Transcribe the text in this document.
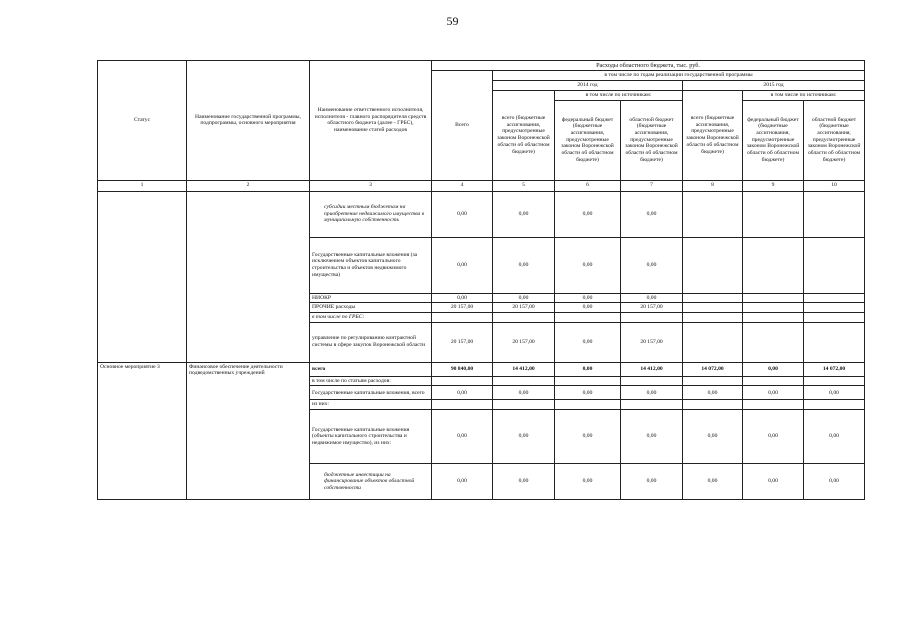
59
Статус	Наименование государственной программы, подпрограммы, основного мероприятия	Наименование ответственного исполнителя, исполнителя - главного распорядителя средств областного бюджета (далее - ГРБС), наименование статей расходов	Расходы областного бюджета, тыс. руб.						
			Всего	в том числе по годам реализации государственной программы					
				2014 год			2015 год		
				всего (бюджетные ассигнования, предусмотренные законом Воронежской области об областном бюджете)	в том числе по источникам:		всего (бюджетные ассигнования, предусмотренные законом Воронежской области об областном бюджете)	в том числе по источникам:	
					федеральный бюджет (бюджетные ассигнования, предусмотренные законом Воронежской области об областном бюджете)	областной бюджет (бюджетные ассигнования, предусмотренные законом Воронежской области об областном бюджете)		федеральный бюджет (бюджетные ассигнования, предусмотренные законом Воронежской области об областном бюджете)	областной бюджет (бюджетные ассигнования, предусмотренные законом Воронежской области об областном бюджете)
1	2	3	4	5	6	7	8	9	10
		субсидии местным бюджетам на приобретение недвижимого имущества в муниципальную собственность	0,00	0,00	0,00	0,00			
		Государственные капитальные вложения (за исключением объектов капитального строительства и объектов недвижимого имущества)	0,00	0,00	0,00	0,00			
		НИОКР	0,00	0,00	0,00	0,00			
		ПРОЧИЕ расходы	20 157,00	20 157,00	0,00	20 157,00			
		в том числе по ГРБС:							
		управление по регулированию контрактной системы в сфере закупок Воронежской области	20 157,00	20 157,00	0,00	20 157,00			
Основное мероприятие 3	Финансовое обеспечение деятельности подведомственных учреждений	всего	90 840,00	14 412,00	0,00	14 412,00	14 072,00	0,00	14 072,00
		в том числе по статьям расходов:							
		Государственные капитальные вложения, всего	0,00	0,00	0,00	0,00	0,00	0,00	0,00
		из них:							
		Государственные капитальные вложения (объекты капитального строительства и недвижимое имущество), из них:	0,00	0,00	0,00	0,00	0,00	0,00	0,00
		бюджетные инвестиции на финансирование объектов областной собственности	0,00	0,00	0,00	0,00	0,00	0,00	0,00
